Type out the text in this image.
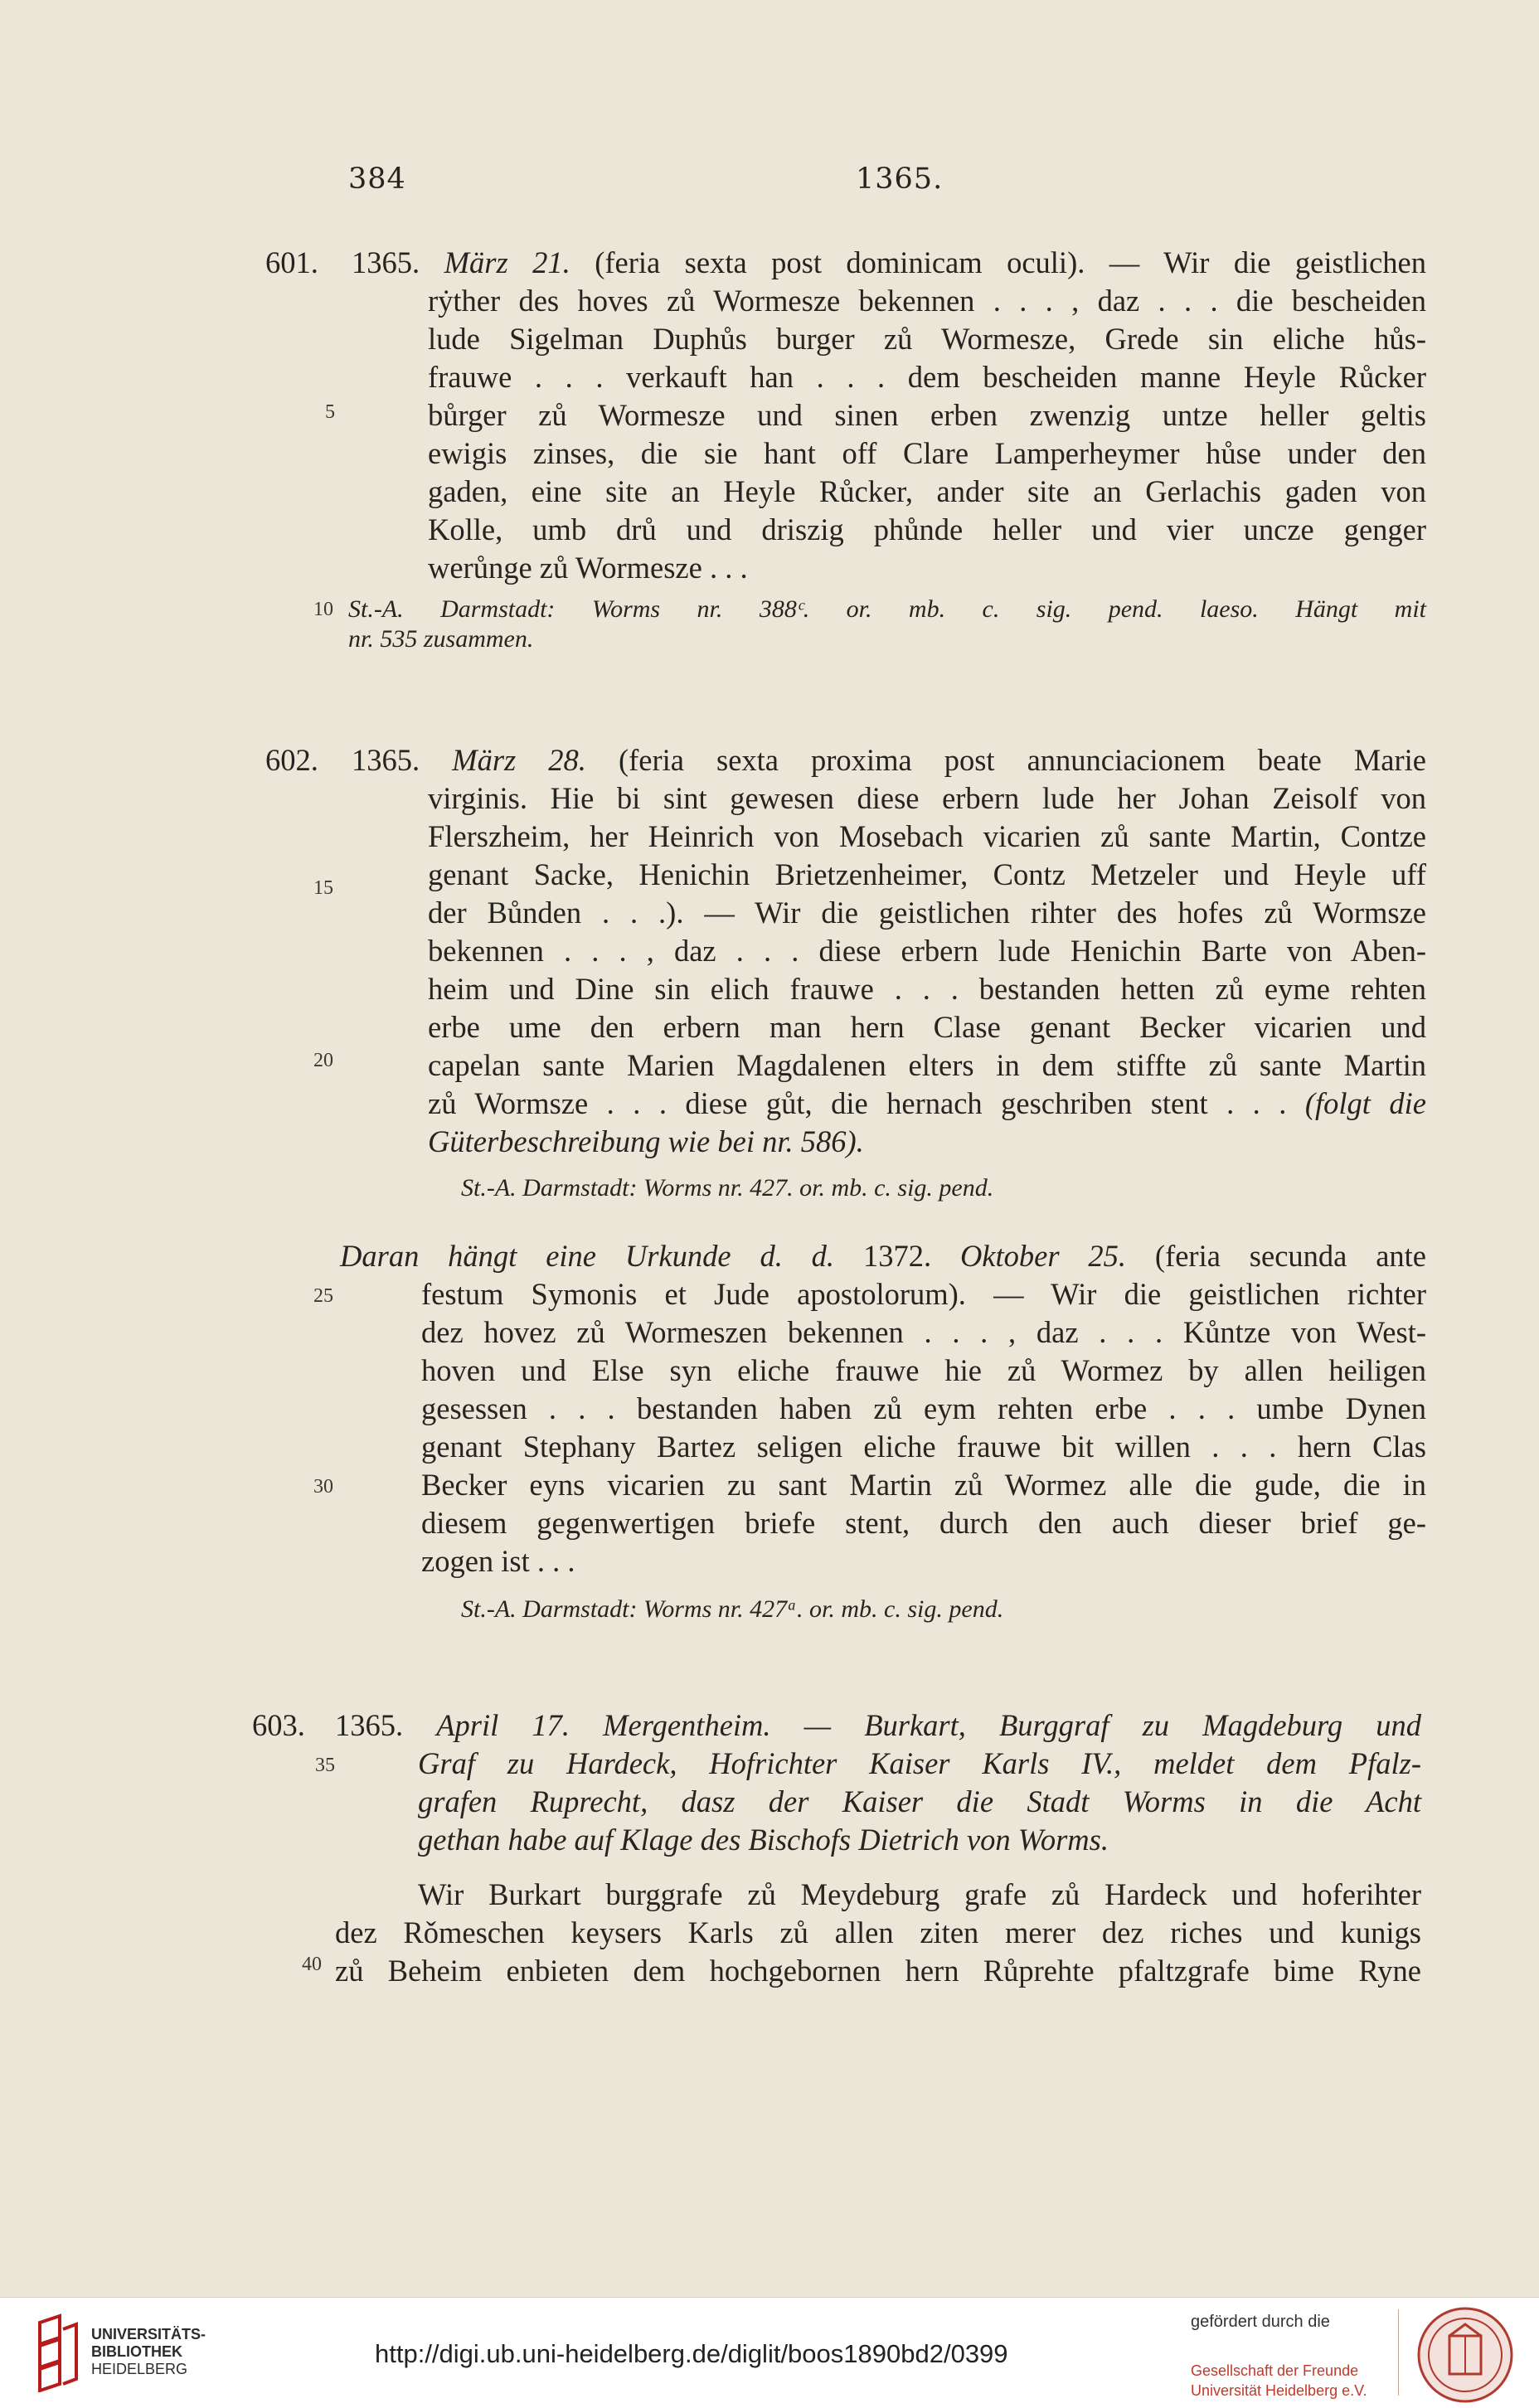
384	1365.
601. 1365. März 21. (feria sexta post dominicam oculi). — Wir die geistlichen
rẏther des hoves zů Wormesze bekennen . . . , daz . . . die bescheiden
lude Sigelman Duphůs burger zů Wormesze, Grede sin eliche hůs-
frauwe . . . verkauft han . . . dem bescheiden manne Heyle Růcker
bůrger zů Wormesze und sinen erben zwenzig untze heller geltis
ewigis zinses, die sie hant off Clare Lamperheymer hůse under den
gaden, eine site an Heyle Růcker, ander site an Gerlachis gaden von
Kolle, umb drů und driszig phůnde heller und vier uncze genger
werůnge zů Wormesze . . .
St.-A. Darmstadt: Worms nr. 388ᶜ. or. mb. c. sig. pend. laeso. Hängt mit
nr. 535 zusammen.
602. 1365. März 28. (feria sexta proxima post annunciacionem beate Marie
virginis. Hie bi sint gewesen diese erbern lude her Johan Zeisolf von
Flerszheim, her Heinrich von Mosebach vicarien zů sante Martin, Contze
genant Sacke, Henichin Brietzenheimer, Contz Metzeler und Heyle uff
der Bůnden . . .). — Wir die geistlichen rihter des hofes zů Wormsze
bekennen . . . , daz . . . diese erbern lude Henichin Barte von Aben-
heim und Dine sin elich frauwe . . . bestanden hetten zů eyme rehten
erbe ume den erbern man hern Clase genant Becker vicarien und
capelan sante Marien Magdalenen elters in dem stiffte zů sante Martin
zů Wormsze . . . diese gůt, die hernach geschriben stent . . . (folgt die
Güterbeschreibung wie bei nr. 586).
St.-A. Darmstadt: Worms nr. 427. or. mb. c. sig. pend.
Daran hängt eine Urkunde d. d. 1372. Oktober 25. (feria secunda ante
festum Symonis et Jude apostolorum). — Wir die geistlichen richter
dez hovez zů Wormeszen bekennen . . . , daz . . . Kůntze von West-
hoven und Else syn eliche frauwe hie zů Wormez by allen heiligen
gesessen . . . bestanden haben zů eym rehten erbe . . . umbe Dynen
genant Stephany Bartez seligen eliche frauwe bit willen . . . hern Clas
Becker eyns vicarien zu sant Martin zů Wormez alle die gude, die in
diesem gegenwertigen briefe stent, durch den auch dieser brief ge-
zogen ist . . .
St.-A. Darmstadt: Worms nr. 427ᵃ. or. mb. c. sig. pend.
603. 1365. April 17. Mergentheim. — Burkart, Burggraf zu Magdeburg und
Graf zu Hardeck, Hofrichter Kaiser Karls IV., meldet dem Pfalz-
grafen Ruprecht, dasz der Kaiser die Stadt Worms in die Acht
gethan habe auf Klage des Bischofs Dietrich von Worms.
Wir Burkart burggrafe zů Meydeburg grafe zů Hardeck und hoferihter
dez Rǒmeschen keysers Karls zů allen ziten merer dez riches und kunigs
zů Beheim enbieten dem hochgebornen hern Růprehte pfaltzgrafe bime Ryne
5
10
15
20
25
30
35
40
UNIVERSITÄTS-
BIBLIOTHEK
HEIDELBERG
http://digi.ub.uni-heidelberg.de/diglit/boos1890bd2/0399
gefördert durch die
Gesellschaft der Freunde
Universität Heidelberg e.V.
